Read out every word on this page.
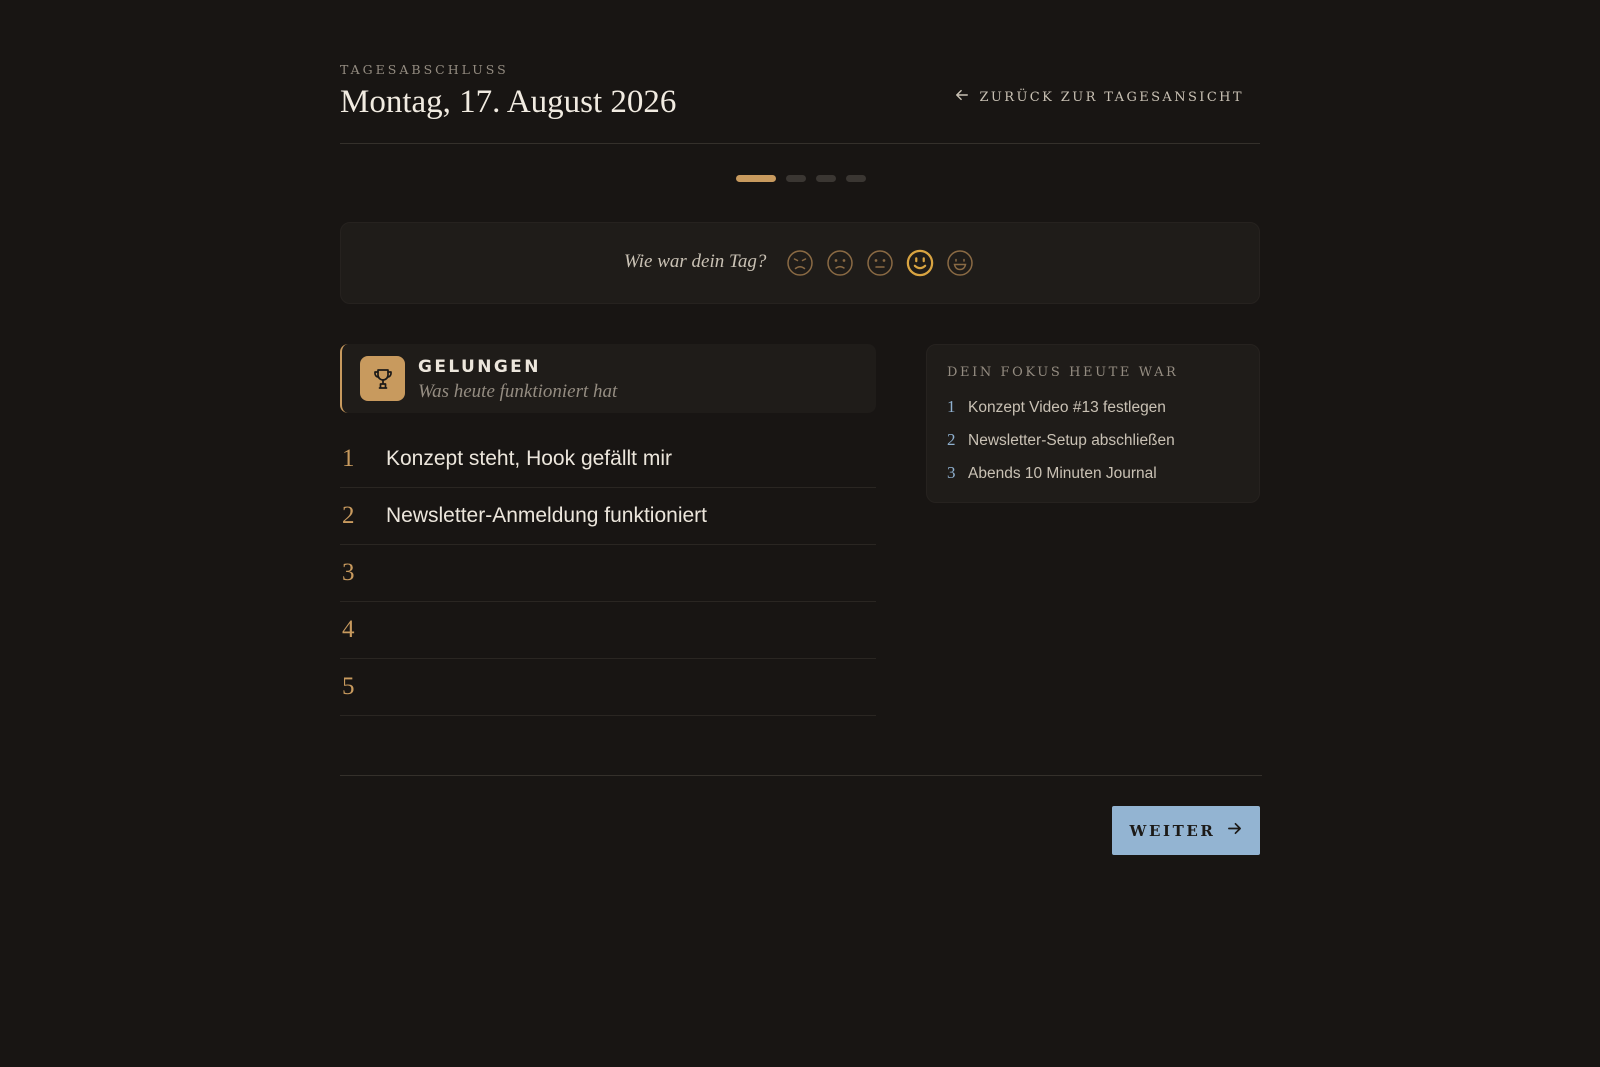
TAGESABSCHLUSS
Montag, 17. August 2026	ZURÜCK ZUR TAGESANSICHT
Wie war dein Tag?
GELUNGEN
Was heute funktioniert hat
1
Konzept steht, Hook gefällt mir
2
Newsletter-Anmeldung funktioniert
3
4
5
DEIN FOKUS HEUTE WAR
1 Konzept Video #13 festlegen
2 Newsletter-Setup abschließen
3 Abends 10 Minuten Journal
WEITER
